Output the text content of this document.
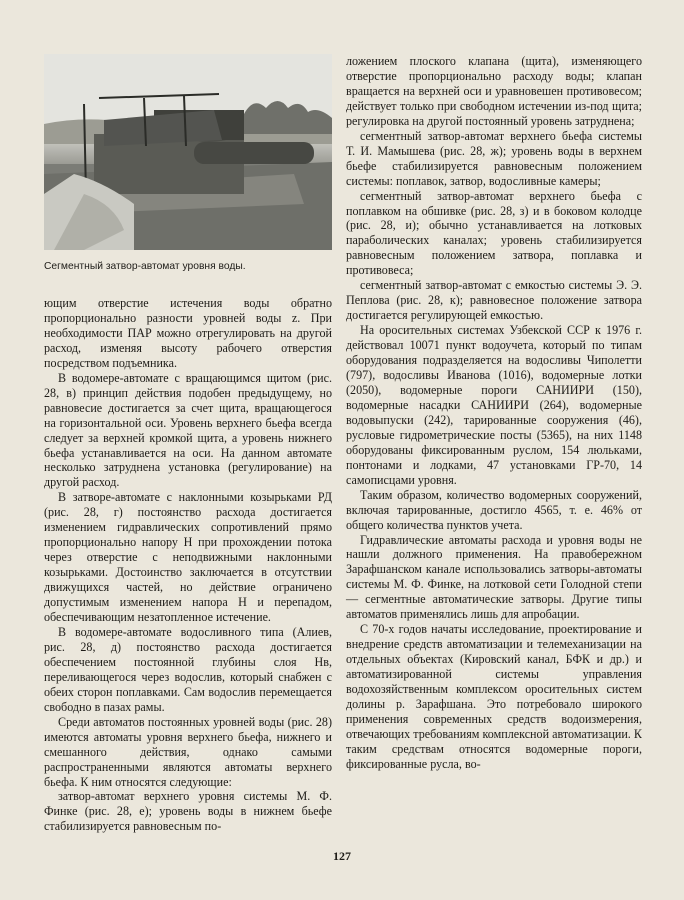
Сегментный затвор-автомат уровня воды.

ющим отверстие истечения воды обратно пропорционально разности уровней воды z. При необходимости ПАР можно отрегулировать на другой расход, изменяя высоту рабочего отверстия посредством подъемника.

В водомере-автомате с вращающимся щитом (рис. 28, в) принцип действия подобен предыдущему, но равновесие достигается за счет щита, вращающегося на горизонтальной оси. Уровень верхнего бьефа всегда следует за верхней кромкой щита, а уровень нижнего бьефа устанавливается на оси. На данном автомате несколько затруднена установка (регулирование) на другой расход.

В затворе-автомате с наклонными козырьками РД (рис. 28, г) постоянство расхода достигается изменением гидравлических сопротивлений прямо пропорционально напору H при прохождении потока через отверстие с неподвижными наклонными козырьками. Достоинство заключается в отсутствии движущихся частей, но действие ограничено допустимым изменением напора H и перепадом, обеспечивающим незатопленное истечение.

В водомере-автомате водосливного типа (Алиев, рис. 28, д) постоянство расхода достигается обеспечением постоянной глубины слоя Hв, переливающегося через водослив, который снабжен с обеих сторон поплавками. Сам водослив перемещается свободно в пазах рамы.

Среди автоматов постоянных уровней воды (рис. 28) имеются автоматы уровня верхнего бьефа, нижнего и смешанного действия, однако самыми распространенными являются автоматы верхнего бьефа. К ним относятся следующие:

затвор-автомат верхнего уровня системы М. Ф. Финке (рис. 28, е); уровень воды в нижнем бьефе стабилизируется равновесным по-

ложением плоского клапана (щита), изменяющего отверстие пропорционально расходу воды; клапан вращается на верхней оси и уравновешен противовесом; действует только при свободном истечении из-под щита; регулировка на другой постоянный уровень затруднена;

сегментный затвор-автомат верхнего бьефа системы Т. И. Мамышева (рис. 28, ж); уровень воды в верхнем бьефе стабилизируется равновесным положением системы: поплавок, затвор, водосливные камеры;

сегментный затвор-автомат верхнего бьефа с поплавком на обшивке (рис. 28, з) и в боковом колодце (рис. 28, и); обычно устанавливается на лотковых параболических каналах; уровень стабилизируется равновесным положением затвора, поплавка и противовеса;

сегментный затвор-автомат с емкостью системы Э. Э. Пеплова (рис. 28, к); равновесное положение затвора достигается регулирующей емкостью.

На оросительных системах Узбекской ССР к 1976 г. действовал 10071 пункт водоучета, который по типам оборудования подразделяется на водосливы Чиполетти (797), водосливы Иванова (1016), водомерные лотки (2050), водомерные пороги САНИИРИ (150), водомерные насадки САНИИРИ (264), водомерные водовыпуски (242), тарированные сооружения (46), русловые гидрометрические посты (5365), на них 1148 оборудованы фиксированным руслом, 154 люльками, понтонами и лодками, 47 установками ГР-70, 14 самописцами уровня.

Таким образом, количество водомерных сооружений, включая тарированные, достигло 4565, т. е. 46% от общего количества пунктов учета.

Гидравлические автоматы расхода и уровня воды не нашли должного применения. На правобережном Зарафшанском канале использовались затворы-автоматы системы М. Ф. Финке, на лотковой сети Голодной степи — сегментные автоматические затворы. Другие типы автоматов применялись лишь для апробации.

С 70-х годов начаты исследование, проектирование и внедрение средств автоматизации и телемеханизации на отдельных объектах (Кировский канал, БФК и др.) и автоматизированной системы управления водохозяйственным комплексом оросительных систем долины р. Зарафшана. Это потребовало широкого применения современных средств водоизмерения, отвечающих требованиям комплексной автоматизации. К таким средствам относятся водомерные пороги, фиксированные русла, во-

127
